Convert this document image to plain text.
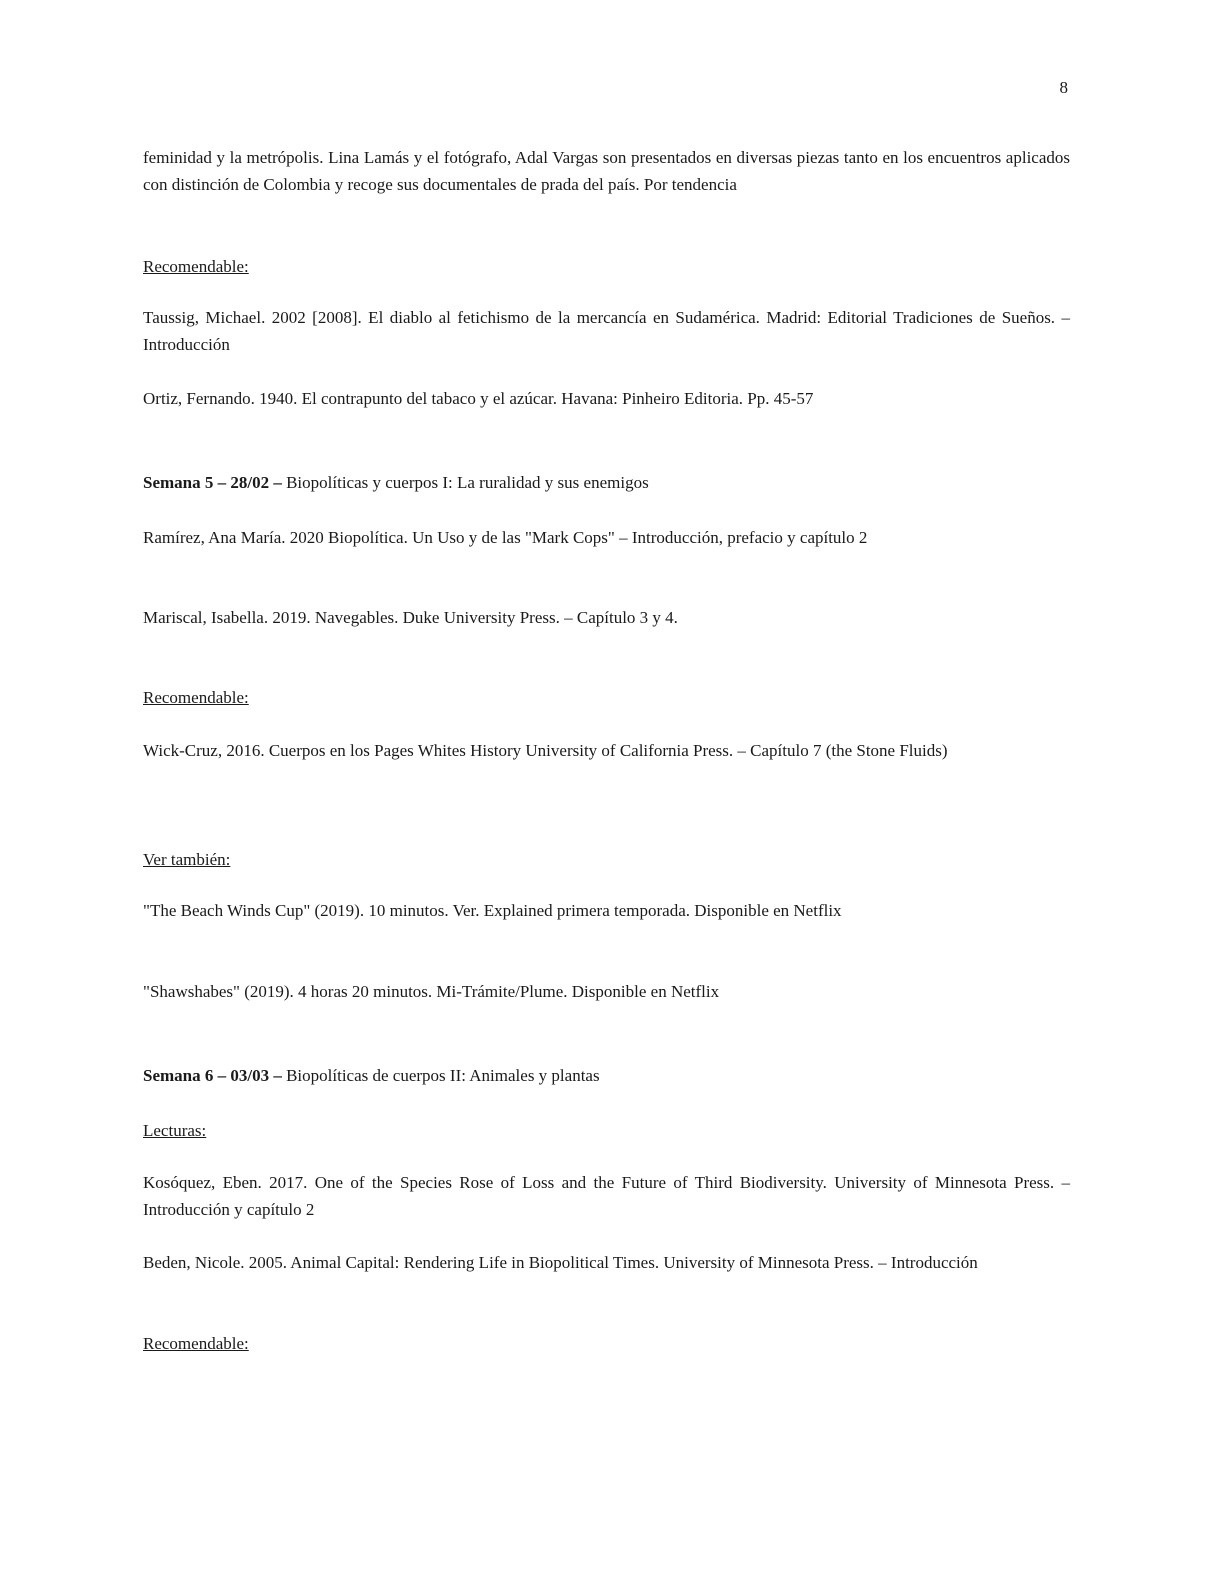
8

feminidad y la metrópolis. Lina Lamás y el fotógrafo, Adal Vargas son presentados en diversas piezas tanto en los encuentros aplicados con distinción de Colombia y recoge sus documentales de prada del país. Por tendencia

Recomendable:

Taussig, Michael. 2002 [2008]. El diablo al fetichismo de la mercancía en Sudamérica. Madrid: Editorial Tradiciones de Sueños. – Introducción

Ortiz, Fernando. 1940. El contrapunto del tabaco y el azúcar. Havana: Pinheiro Editoria. Pp. 45-57

Semana 5 – 28/02 – Biopolíticas y cuerpos I: La ruralidad y sus enemigos

Ramírez, Ana María. 2020 Biopolítica. Un Uso y de las "Mark Cops" – Introducción, prefacio y capítulo 2

Mariscal, Isabella. 2019. Navegables. Duke University Press. – Capítulo 3 y 4.

Recomendable:

Wick-Cruz, 2016. Cuerpos en los Pages Whites History University of California Press. – Capítulo 7 (the Stone Fluids)

Ver también:

"The Beach Winds Cup" (2019). 10 minutos. Ver. Explained primera temporada. Disponible en Netflix

"Shawshabes" (2019). 4 horas 20 minutos. Mi-Trámite/Plume. Disponible en Netflix

Semana 6 – 03/03 – Biopolíticas de cuerpos II: Animales y plantas

Lecturas:

Kosóquez, Eben. 2017. One of the Species Rose of Loss and the Future of Third Biodiversity. University of Minnesota Press. – Introducción y capítulo 2

Beden, Nicole. 2005. Animal Capital: Rendering Life in Biopolitical Times. University of Minnesota Press. – Introducción

Recomendable:
